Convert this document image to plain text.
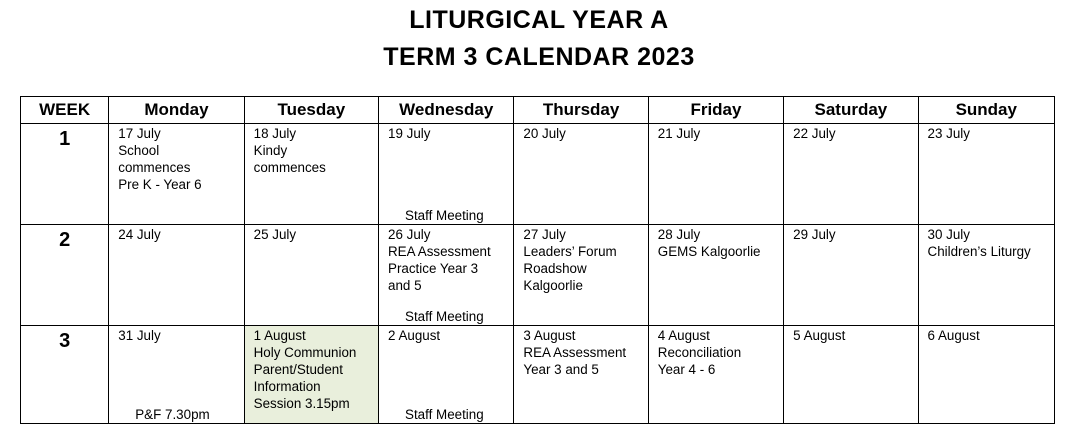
LITURGICAL YEAR A
TERM 3 CALENDAR 2023
WEEK	Monday	Tuesday	Wednesday	Thursday	Friday	Saturday	Sunday

1	17 July
School
commences
Pre K - Year 6	18 July
Kindy
commences	19 July
Staff Meeting	20 July	21 July	22 July	23 July

2	24 July	25 July	26 July
REA Assessment
Practice Year 3
and 5
Staff Meeting	27 July
Leaders’ Forum
Roadshow
Kalgoorlie	28 July
GEMS Kalgoorlie	29 July	30 July
Children’s Liturgy

3	31 July
P&F 7.30pm	1 August
Holy Communion
Parent/Student
Information
Session 3.15pm	2 August
Staff Meeting	3 August
REA Assessment
Year 3 and 5	4 August
Reconciliation
Year 4 - 6	5 August	6 August
